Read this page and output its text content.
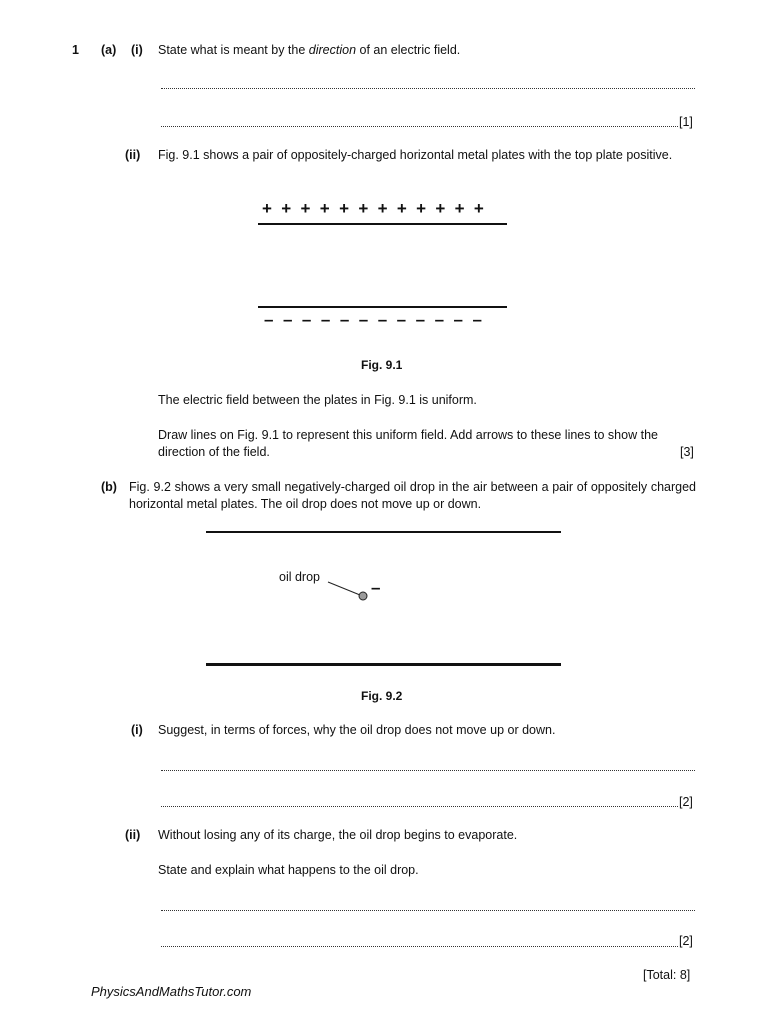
1 (a) (i) State what is meant by the direction of an electric field.
[1]
(ii) Fig. 9.1 shows a pair of oppositely-charged horizontal metal plates with the top plate positive.
+ + + + + + + + + + + +
– – – – – – – – – – – –
Fig. 9.1
The electric field between the plates in Fig. 9.1 is uniform.
Draw lines on Fig. 9.1 to represent this uniform field. Add arrows to these lines to show the direction of the field.	[3]
(b) Fig. 9.2 shows a very small negatively-charged oil drop in the air between a pair of oppositely charged horizontal metal plates. The oil drop does not move up or down.
oil drop
–
Fig. 9.2
(i) Suggest, in terms of forces, why the oil drop does not move up or down.
[2]
(ii) Without losing any of its charge, the oil drop begins to evaporate.
State and explain what happens to the oil drop.
[2]
[Total: 8]
PhysicsAndMathsTutor.com
